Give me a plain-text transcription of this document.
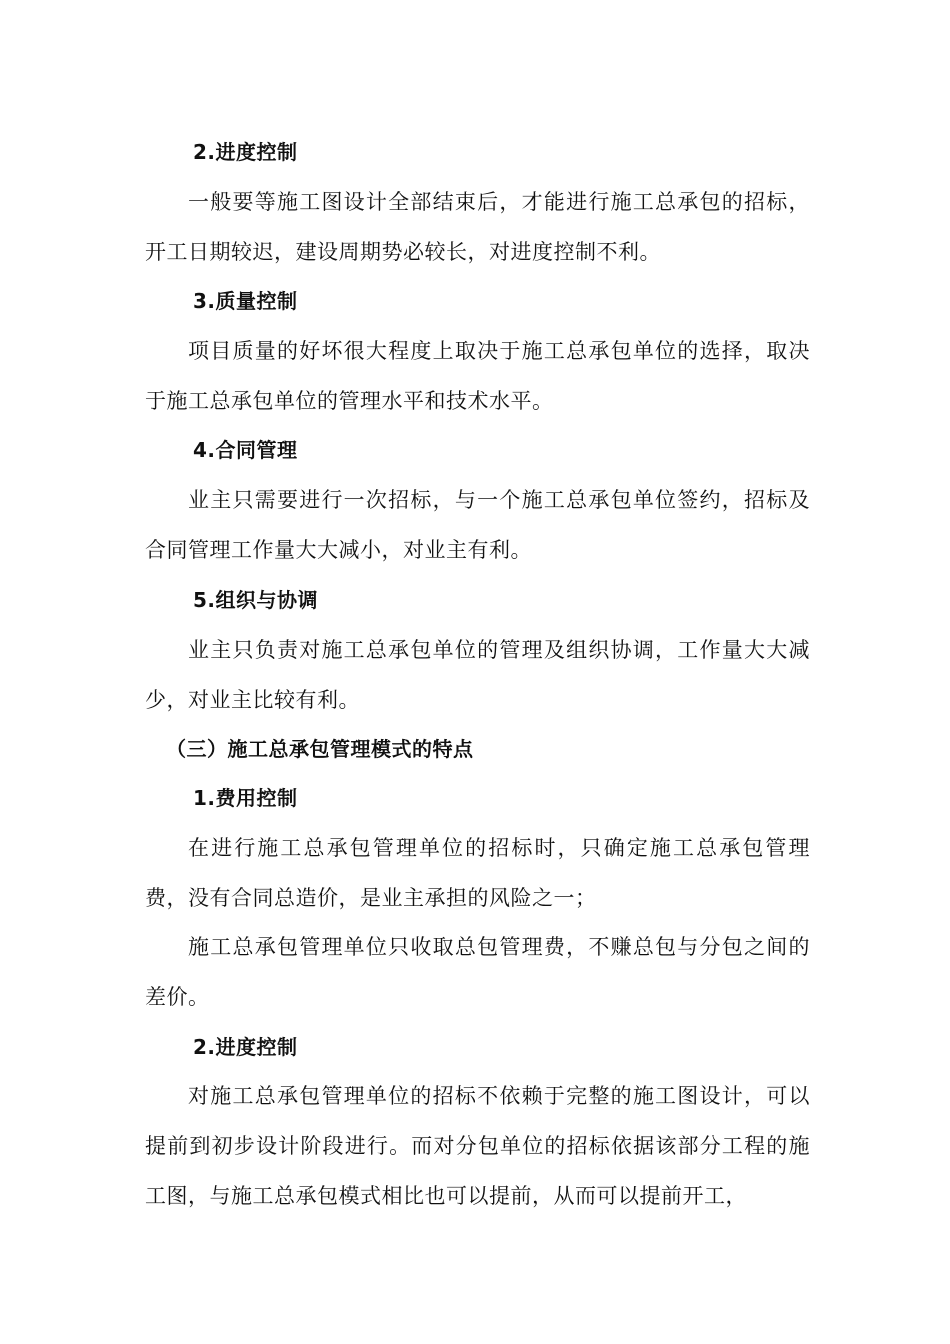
2.进度控制

一般要等施工图设计全部结束后，才能进行施工总承包的招标，开工日期较迟，建设周期势必较长，对进度控制不利。

3.质量控制

项目质量的好坏很大程度上取决于施工总承包单位的选择，取决于施工总承包单位的管理水平和技术水平。

4.合同管理

业主只需要进行一次招标，与一个施工总承包单位签约，招标及合同管理工作量大大减小，对业主有利。

5.组织与协调

业主只负责对施工总承包单位的管理及组织协调，工作量大大减少，对业主比较有利。

（三）施工总承包管理模式的特点

1.费用控制

在进行施工总承包管理单位的招标时，只确定施工总承包管理费，没有合同总造价，是业主承担的风险之一；

施工总承包管理单位只收取总包管理费，不赚总包与分包之间的差价。

2.进度控制

对施工总承包管理单位的招标不依赖于完整的施工图设计，可以提前到初步设计阶段进行。而对分包单位的招标依据该部分工程的施工图，与施工总承包模式相比也可以提前，从而可以提前开工，
